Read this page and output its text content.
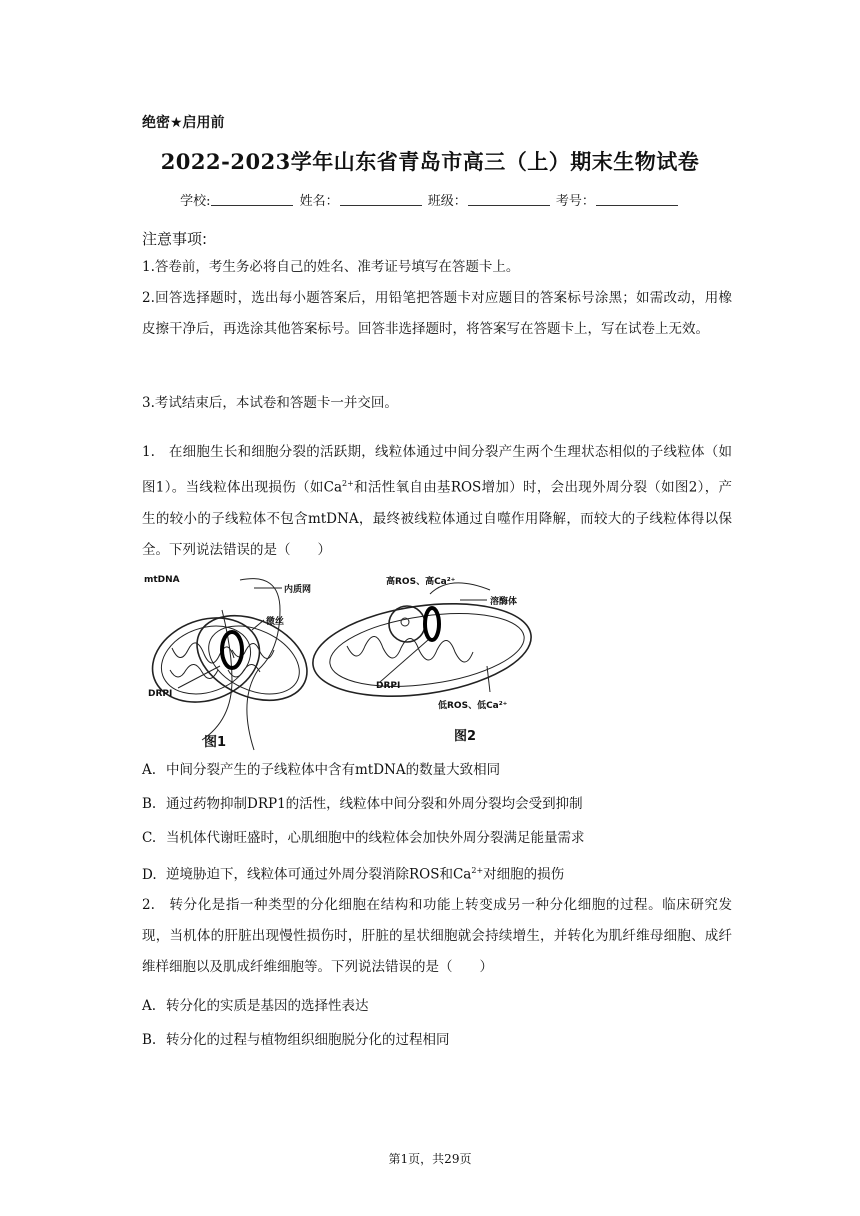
绝密★启用前
2022-2023学年山东省青岛市高三（上）期末生物试卷
学校:	姓名：	班级：	考号：
注意事项:

1.答卷前，考生务必将自己的姓名、准考证号填写在答题卡上。

2.回答选择题时，选出每小题答案后，用铅笔把答题卡对应题目的答案标号涂黑；如需改动，用橡皮擦干净后，再选涂其他答案标号。回答非选择题时，将答案写在答题卡上，写在试卷上无效。

3.考试结束后，本试卷和答题卡一并交回。

1.　 在细胞生长和细胞分裂的活跃期，线粒体通过中间分裂产生两个生理状态相似的子线粒体（如图1）。当线粒体出现损伤（如$Ca^{2+}$和活性氧自由基ROS增加）时，会出现外周分裂（如图2），产生的较小的子线粒体不包含mtDNA，最终被线粒体通过自噬作用降解，而较大的子线粒体得以保全。下列说法错误的是（　　）

mtDNA
内质网
微丝
DRPI
高ROS、高Ca²⁺
溶酶体
DRPI
低ROS、低Ca²⁺
图1	图2
A. 中间分裂产生的子线粒体中含有mtDNA的数量大致相同
B. 通过药物抑制DRP1的活性，线粒体中间分裂和外周分裂均会受到抑制
C. 当机体代谢旺盛时，心肌细胞中的线粒体会加快外周分裂满足能量需求
D. 逆境胁迫下，线粒体可通过外周分裂消除ROS和$Ca^{2+}$对细胞的损伤

2.　 转分化是指一种类型的分化细胞在结构和功能上转变成另一种分化细胞的过程。临床研究发现，当机体的肝脏出现慢性损伤时，肝脏的星状细胞就会持续增生，并转化为肌纤维母细胞、成纤维样细胞以及肌成纤维细胞等。下列说法错误的是（　　）

A. 转分化的实质是基因的选择性表达
B. 转分化的过程与植物组织细胞脱分化的过程相同
第1页，共29页
